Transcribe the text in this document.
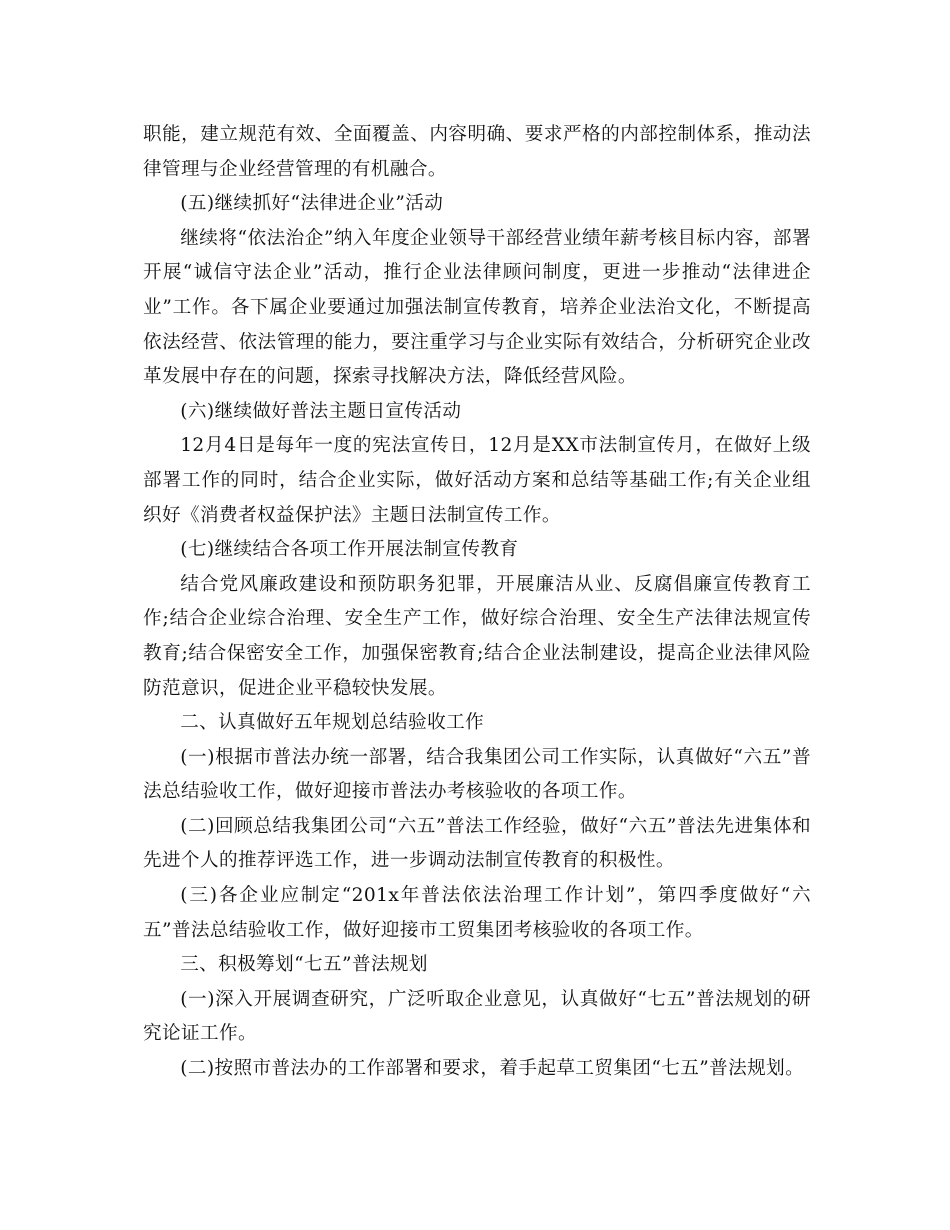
职能，建立规范有效、全面覆盖、内容明确、要求严格的内部控制体系，推动法律管理与企业经营管理的有机融合。

(五)继续抓好“法律进企业”活动

继续将“依法治企”纳入年度企业领导干部经营业绩年薪考核目标内容，部署开展“诚信守法企业”活动，推行企业法律顾问制度，更进一步推动“法律进企业”工作。各下属企业要通过加强法制宣传教育，培养企业法治文化，不断提高依法经营、依法管理的能力，要注重学习与企业实际有效结合，分析研究企业改革发展中存在的问题，探索寻找解决方法，降低经营风险。

(六)继续做好普法主题日宣传活动

12月4日是每年一度的宪法宣传日，12月是XX市法制宣传月，在做好上级部署工作的同时，结合企业实际，做好活动方案和总结等基础工作;有关企业组织好《消费者权益保护法》主题日法制宣传工作。

(七)继续结合各项工作开展法制宣传教育

结合党风廉政建设和预防职务犯罪，开展廉洁从业、反腐倡廉宣传教育工作;结合企业综合治理、安全生产工作，做好综合治理、安全生产法律法规宣传教育;结合保密安全工作，加强保密教育;结合企业法制建设，提高企业法律风险防范意识，促进企业平稳较快发展。

二、认真做好五年规划总结验收工作

(一)根据市普法办统一部署，结合我集团公司工作实际，认真做好“六五”普法总结验收工作，做好迎接市普法办考核验收的各项工作。

(二)回顾总结我集团公司“六五”普法工作经验，做好“六五”普法先进集体和先进个人的推荐评选工作，进一步调动法制宣传教育的积极性。

(三)各企业应制定“201x年普法依法治理工作计划”，第四季度做好“六五”普法总结验收工作，做好迎接市工贸集团考核验收的各项工作。

三、积极筹划“七五”普法规划

(一)深入开展调查研究，广泛听取企业意见，认真做好“七五”普法规划的研究论证工作。

(二)按照市普法办的工作部署和要求，着手起草工贸集团“七五”普法规划。
